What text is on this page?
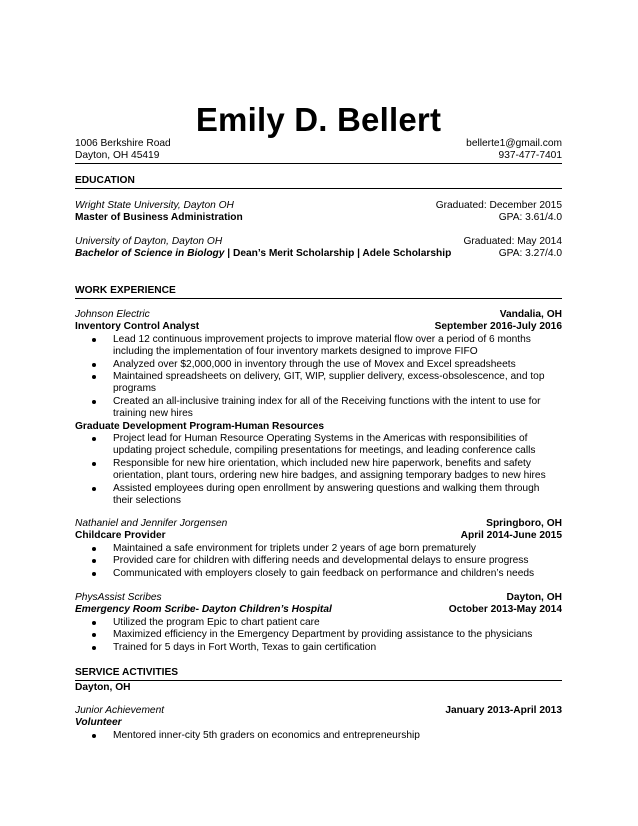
Emily D. Bellert
1006 Berkshire Road	bellerte1@gmail.com
Dayton, OH 45419	937-477-7401
EDUCATION
Wright State University, Dayton OH	Graduated: December 2015
Master of Business Administration	GPA: 3.61/4.0
University of Dayton, Dayton OH	Graduated: May 2014
Bachelor of Science in Biology | Dean’s Merit Scholarship | Adele Scholarship	GPA: 3.27/4.0
WORK EXPERIENCE
Johnson Electric	Vandalia, OH
Inventory Control Analyst	September 2016-July 2016
Lead 12 continuous improvement projects to improve material flow over a period of 6 months including the implementation of four inventory markets designed to improve FIFO
Analyzed over $2,000,000 in inventory through the use of Movex and Excel spreadsheets
Maintained spreadsheets on delivery, GIT, WIP, supplier delivery, excess-obsolescence, and top programs
Created an all-inclusive training index for all of the Receiving functions with the intent to use for training new hires
Graduate Development Program-Human Resources
Project lead for Human Resource Operating Systems in the Americas with responsibilities of updating project schedule, compiling presentations for meetings, and leading conference calls
Responsible for new hire orientation, which included new hire paperwork, benefits and safety orientation, plant tours, ordering new hire badges, and assigning temporary badges to new hires
Assisted employees during open enrollment by answering questions and walking them through their selections
Nathaniel and Jennifer Jorgensen	Springboro, OH
Childcare Provider	April 2014-June 2015
Maintained a safe environment for triplets under 2 years of age born prematurely
Provided care for children with differing needs and developmental delays to ensure progress
Communicated with employers closely to gain feedback on performance and children’s needs
PhysAssist Scribes	Dayton, OH
Emergency Room Scribe- Dayton Children’s Hospital	October 2013-May 2014
Utilized the program Epic to chart patient care
Maximized efficiency in the Emergency Department by providing assistance to the physicians
Trained for 5 days in Fort Worth, Texas to gain certification
SERVICE ACTIVITIES
Dayton, OH
Junior Achievement	January 2013-April 2013
Volunteer
Mentored inner-city 5th graders on economics and entrepreneurship
